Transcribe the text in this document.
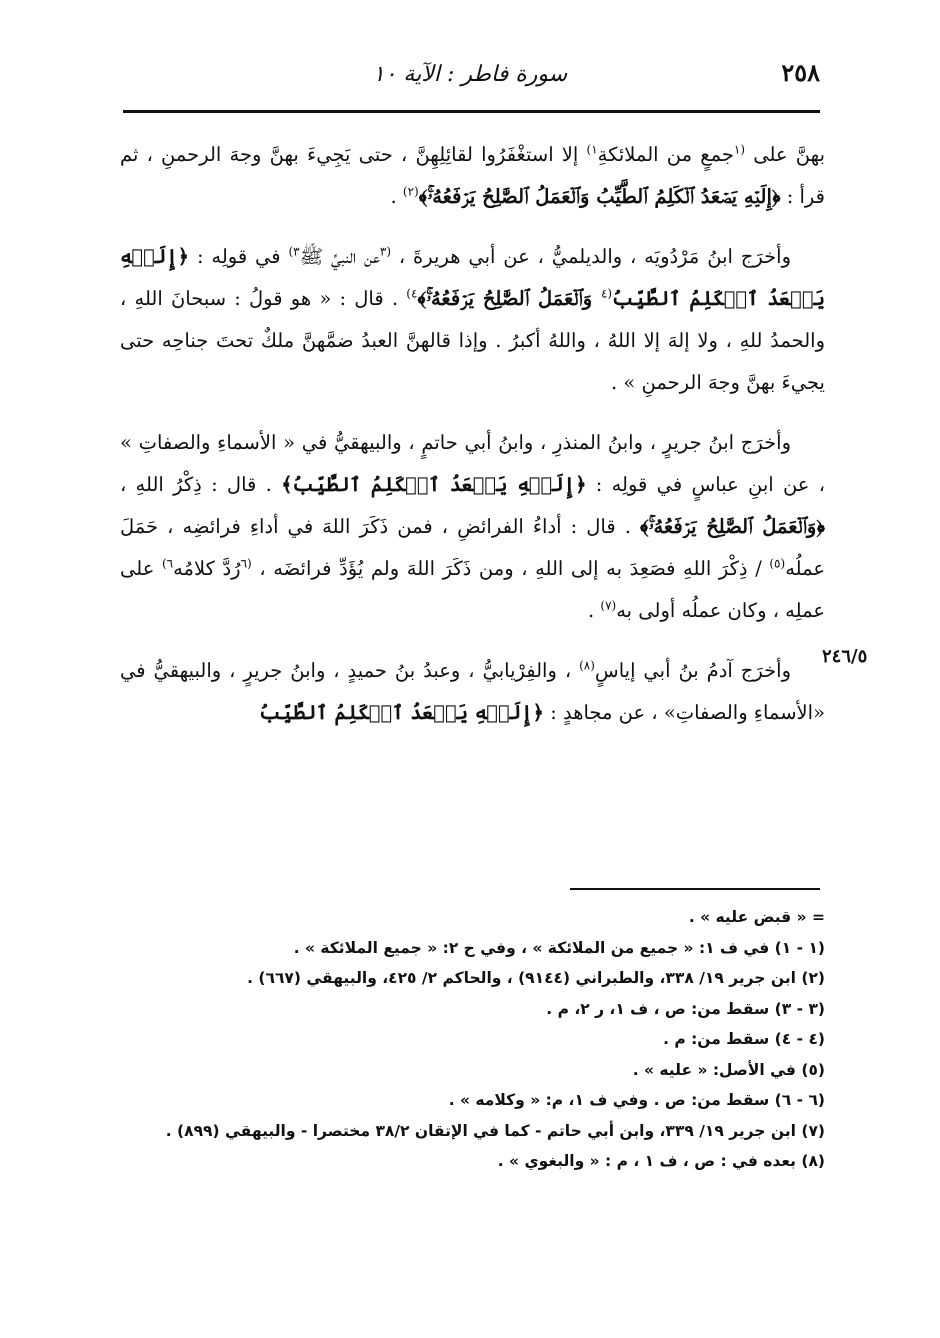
٢٥٨
سورة فاطر : الآية ١٠

بهنَّ على $^{(١}$جمعٍ من الملائكةِ$^{١)}$ إلا استغْفَرُوا لقائِلِهِنَّ ، حتى يَجِيءَ بهنَّ وجهَ الرحمنِ ، ثم قرأ : ﴿إِلَيۡهِ يَصۡعَدُ ٱلۡكَلِمُ ٱلطَّيِّبُ وَٱلۡعَمَلُ ٱلصَّٰلِحُ يَرۡفَعُهُۥۚ﴾$^{(٢)}$ .

وأخرَج ابنُ مَرْدُويَه ، والديلميُّ ، عن أبي هريرةَ ، $^{(٣}$عن النبيِّ ﷺ$^{٣)}$ في قولِه : ﴿إِلَيۡهِ يَصۡعَدُ ٱلۡكَلِمُ ٱلطَّيِّبُ$^{(٤}$ وَٱلۡعَمَلُ ٱلصَّٰلِحُ يَرۡفَعُهُۥۚ﴾$^{٤)}$ . قال : « هو قولُ : سبحانَ اللهِ ، والحمدُ للهِ ، ولا إلهَ إلا اللهُ ، واللهُ أكبرُ . وإذا قالهنَّ العبدُ ضمَّهنَّ ملكٌ تحتَ جناحِه حتى يجيءَ بهنَّ وجهَ الرحمنِ » .

وأخرَج ابنُ جريرٍ ، وابنُ المنذرِ ، وابنُ أبي حاتمٍ ، والبيهقيُّ في « الأسماءِ والصفاتِ » ، عن ابنِ عباسٍ في قولِه : ﴿إِلَيۡهِ يَصۡعَدُ ٱلۡكَلِمُ ٱلطَّيِّبُ﴾ . قال : ذِكْرُ اللهِ ، ﴿وَٱلۡعَمَلُ ٱلصَّٰلِحُ يَرۡفَعُهُۥۚ﴾ . قال : أداءُ الفرائضِ ، فمن ذَكَرَ اللهَ في أداءِ فرائضِه ، حَمَلَ عملُه$^{(٥)}$ / ذِكْرَ اللهِ فصَعِدَ به إلى اللهِ ، ومن ذَكَرَ اللهَ ولم يُؤَدِّ فرائضَه ، $^{(٦}$رُدَّ كلامُه$^{٦)}$ على عملِه ، وكان عملُه أولى به$^{(٧)}$ .

وأخرَج آدمُ بنُ أبي إياسٍ$^{(٨)}$ ، والفِرْيابيُّ ، وعبدُ بنُ حميدٍ ، وابنُ جريرٍ ، والبيهقيُّ في «الأسماءِ والصفاتِ» ، عن مجاهدٍ : ﴿إِلَيۡهِ يَصۡعَدُ ٱلۡكَلِمُ ٱلطَّيِّبُ

٢٤٦/٥
= « قبض عليه » .
(١ - ١) في ف ١: « جميع من الملائكة » ، وفي ح ٢: « جميع الملائكة » .
(٢) ابن جرير ١٩/ ٣٣٨، والطبراني (٩١٤٤) ، والحاكم ٢/ ٤٢٥، والبيهقي (٦٦٧) .
(٣ - ٣) سقط من: ص ، ف ١، ر ٢، م .
(٤ - ٤) سقط من: م .
(٥) في الأصل: « عليه » .
(٦ - ٦) سقط من: ص . وفي ف ١، م: « وكلامه » .
(٧) ابن جرير ١٩/ ٣٣٩، وابن أبي حاتم - كما في الإتقان ٣٨/٢ مختصرا - والبيهقي (٨٩٩) .
(٨) بعده في : ص ، ف ١ ، م : « والبغوي » .
